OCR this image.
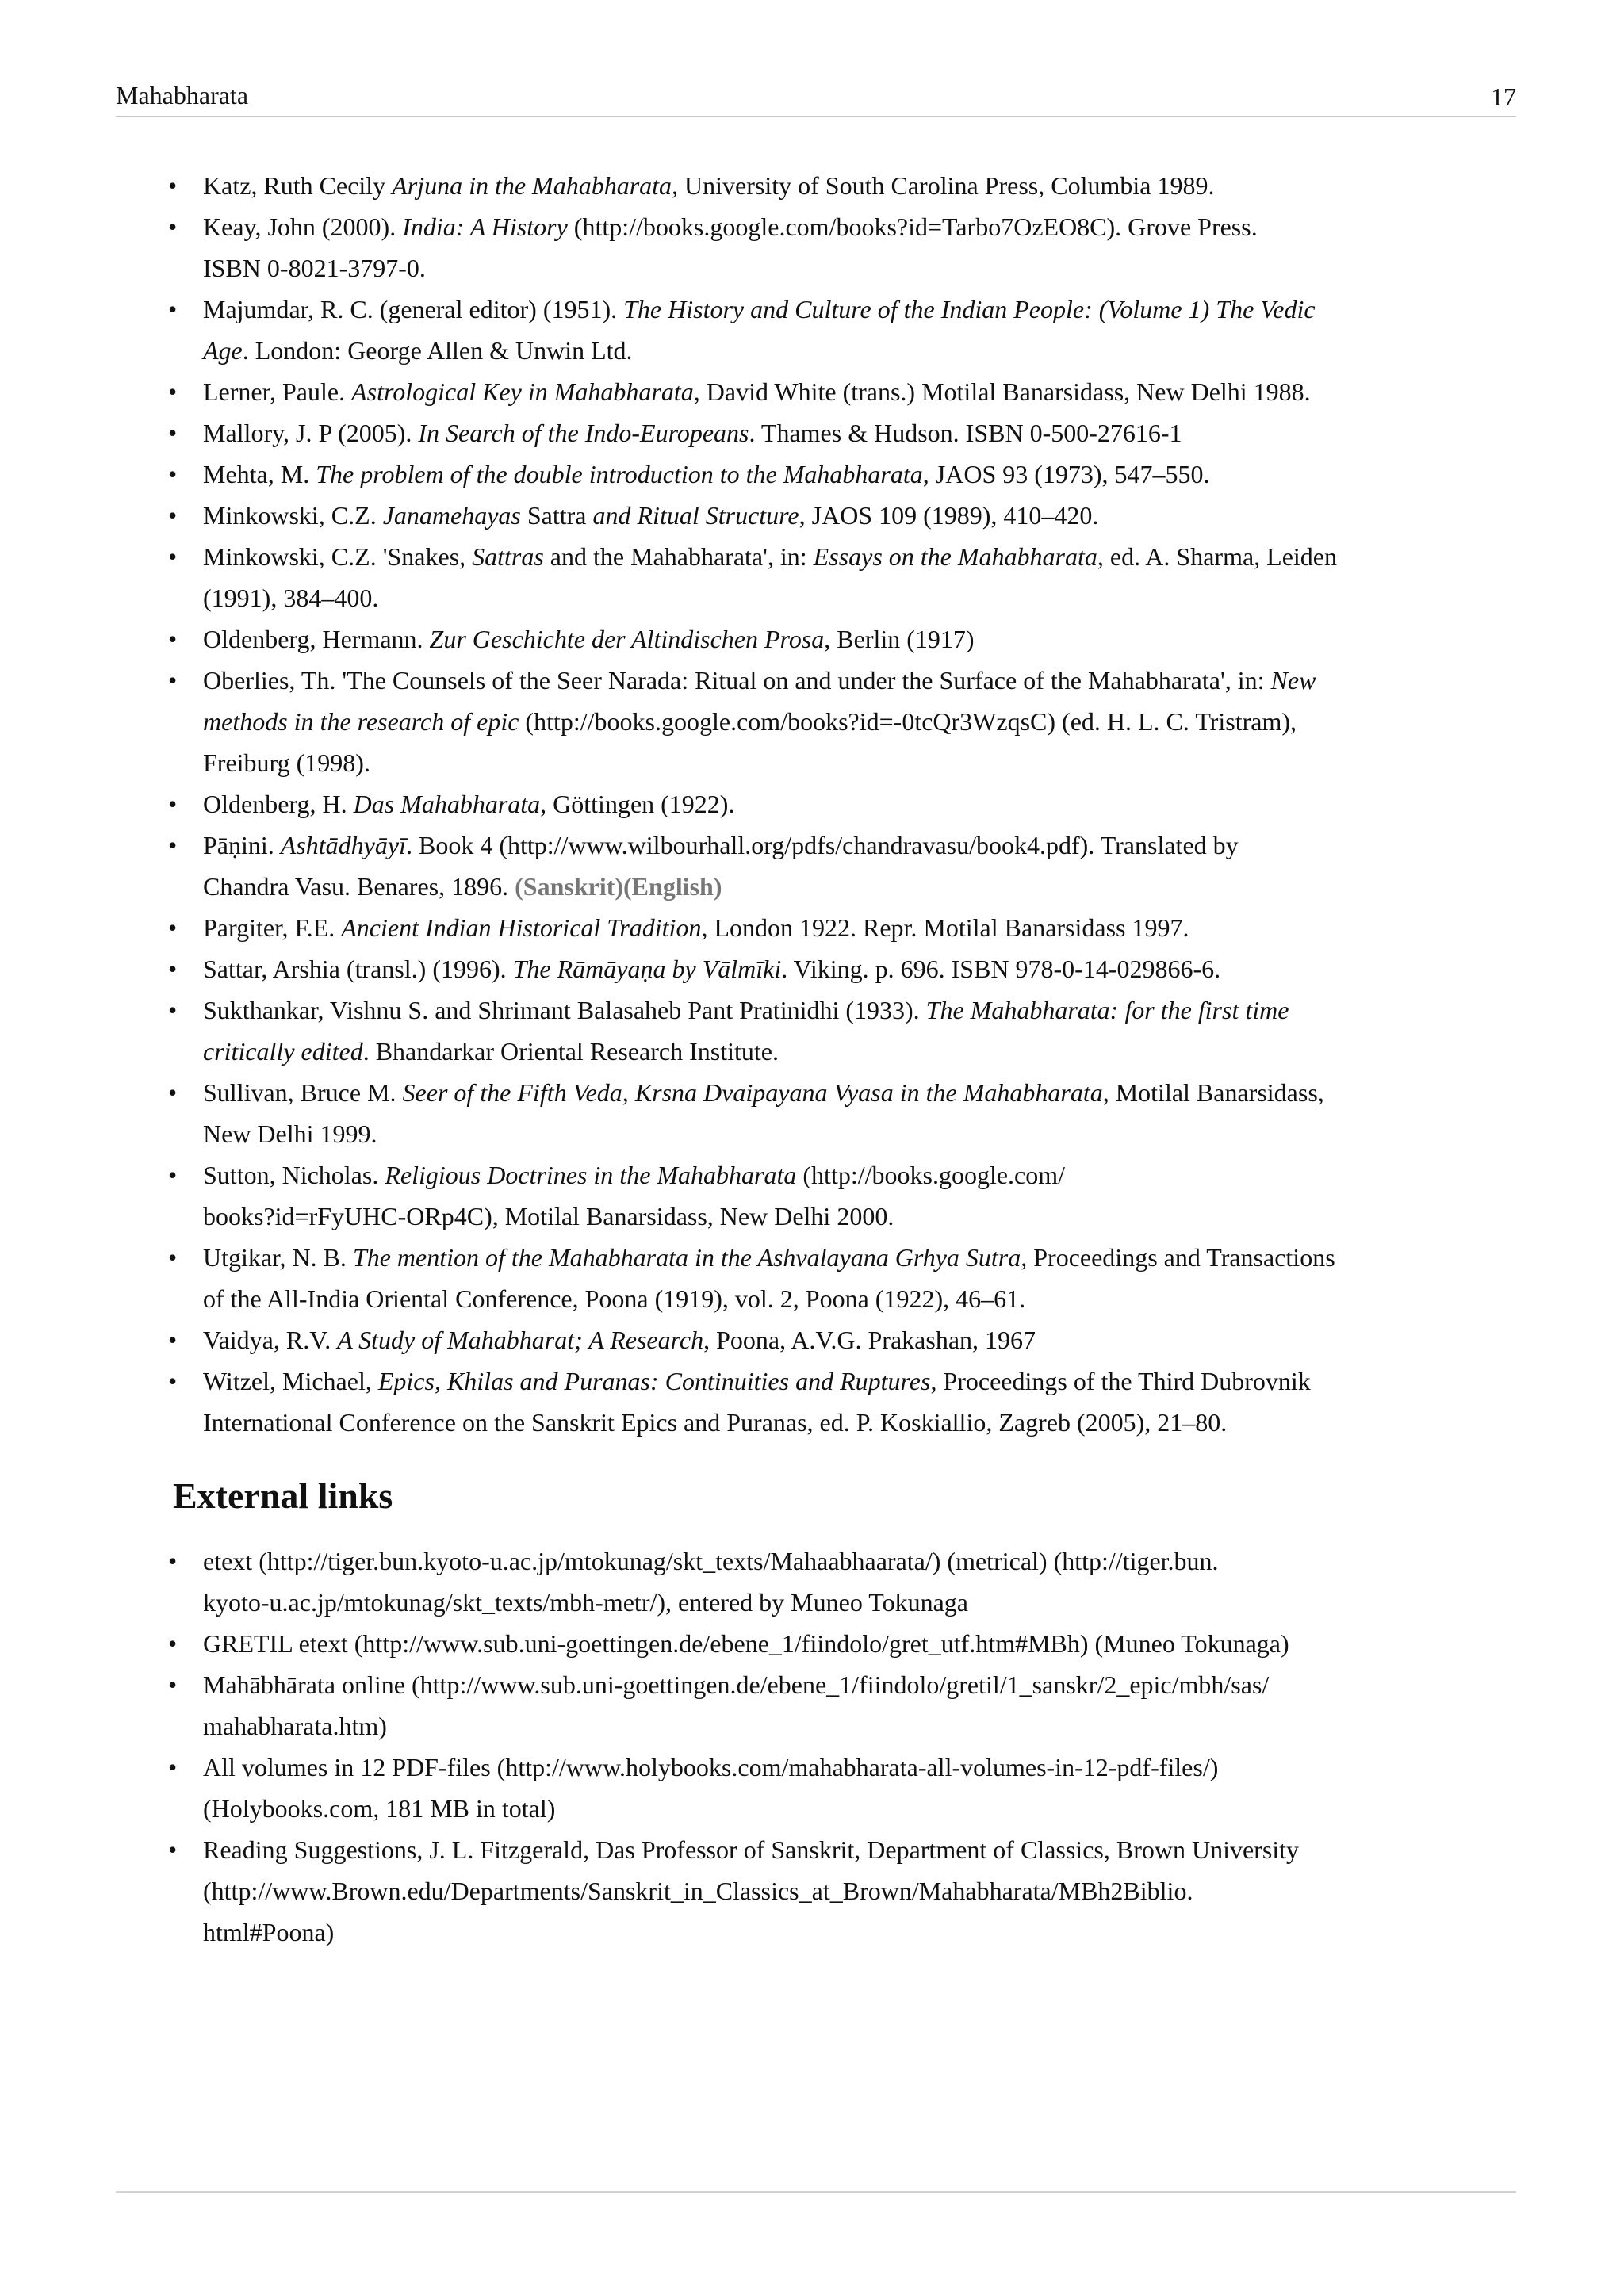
Mahabharata	17
• Katz, Ruth Cecily Arjuna in the Mahabharata, University of South Carolina Press, Columbia 1989.
• Keay, John (2000). India: A History (http://books.google.com/books?id=Tarbo7OzEO8C). Grove Press.
ISBN 0-8021-3797-0.
• Majumdar, R. C. (general editor) (1951). The History and Culture of the Indian People: (Volume 1) The Vedic
Age. London: George Allen & Unwin Ltd.
• Lerner, Paule. Astrological Key in Mahabharata, David White (trans.) Motilal Banarsidass, New Delhi 1988.
• Mallory, J. P (2005). In Search of the Indo-Europeans. Thames & Hudson. ISBN 0-500-27616-1
• Mehta, M. The problem of the double introduction to the Mahabharata, JAOS 93 (1973), 547–550.
• Minkowski, C.Z. Janamehayas Sattra and Ritual Structure, JAOS 109 (1989), 410–420.
• Minkowski, C.Z. 'Snakes, Sattras and the Mahabharata', in: Essays on the Mahabharata, ed. A. Sharma, Leiden
(1991), 384–400.
• Oldenberg, Hermann. Zur Geschichte der Altindischen Prosa, Berlin (1917)
• Oberlies, Th. 'The Counsels of the Seer Narada: Ritual on and under the Surface of the Mahabharata', in: New
methods in the research of epic (http://books.google.com/books?id=-0tcQr3WzqsC) (ed. H. L. C. Tristram),
Freiburg (1998).
• Oldenberg, H. Das Mahabharata, Göttingen (1922).
• Pāṇini. Ashtādhyāyī. Book 4 (http://www.wilbourhall.org/pdfs/chandravasu/book4.pdf). Translated by
Chandra Vasu. Benares, 1896. (Sanskrit)(English)
• Pargiter, F.E. Ancient Indian Historical Tradition, London 1922. Repr. Motilal Banarsidass 1997.
• Sattar, Arshia (transl.) (1996). The Rāmāyaṇa by Vālmīki. Viking. p. 696. ISBN 978-0-14-029866-6.
• Sukthankar, Vishnu S. and Shrimant Balasaheb Pant Pratinidhi (1933). The Mahabharata: for the first time
critically edited. Bhandarkar Oriental Research Institute.
• Sullivan, Bruce M. Seer of the Fifth Veda, Krsna Dvaipayana Vyasa in the Mahabharata, Motilal Banarsidass,
New Delhi 1999.
• Sutton, Nicholas. Religious Doctrines in the Mahabharata (http://books.google.com/
books?id=rFyUHC-ORp4C), Motilal Banarsidass, New Delhi 2000.
• Utgikar, N. B. The mention of the Mahabharata in the Ashvalayana Grhya Sutra, Proceedings and Transactions
of the All-India Oriental Conference, Poona (1919), vol. 2, Poona (1922), 46–61.
• Vaidya, R.V. A Study of Mahabharat; A Research, Poona, A.V.G. Prakashan, 1967
• Witzel, Michael, Epics, Khilas and Puranas: Continuities and Ruptures, Proceedings of the Third Dubrovnik
International Conference on the Sanskrit Epics and Puranas, ed. P. Koskiallio, Zagreb (2005), 21–80.
External links
• etext (http://tiger.bun.kyoto-u.ac.jp/mtokunag/skt_texts/Mahaabhaarata/) (metrical) (http://tiger.bun.
kyoto-u.ac.jp/mtokunag/skt_texts/mbh-metr/), entered by Muneo Tokunaga
• GRETIL etext (http://www.sub.uni-goettingen.de/ebene_1/fiindolo/gret_utf.htm#MBh) (Muneo Tokunaga)
• Mahābhārata online (http://www.sub.uni-goettingen.de/ebene_1/fiindolo/gretil/1_sanskr/2_epic/mbh/sas/
mahabharata.htm)
• All volumes in 12 PDF-files (http://www.holybooks.com/mahabharata-all-volumes-in-12-pdf-files/)
(Holybooks.com, 181 MB in total)
• Reading Suggestions, J. L. Fitzgerald, Das Professor of Sanskrit, Department of Classics, Brown University
(http://www.Brown.edu/Departments/Sanskrit_in_Classics_at_Brown/Mahabharata/MBh2Biblio.
html#Poona)
